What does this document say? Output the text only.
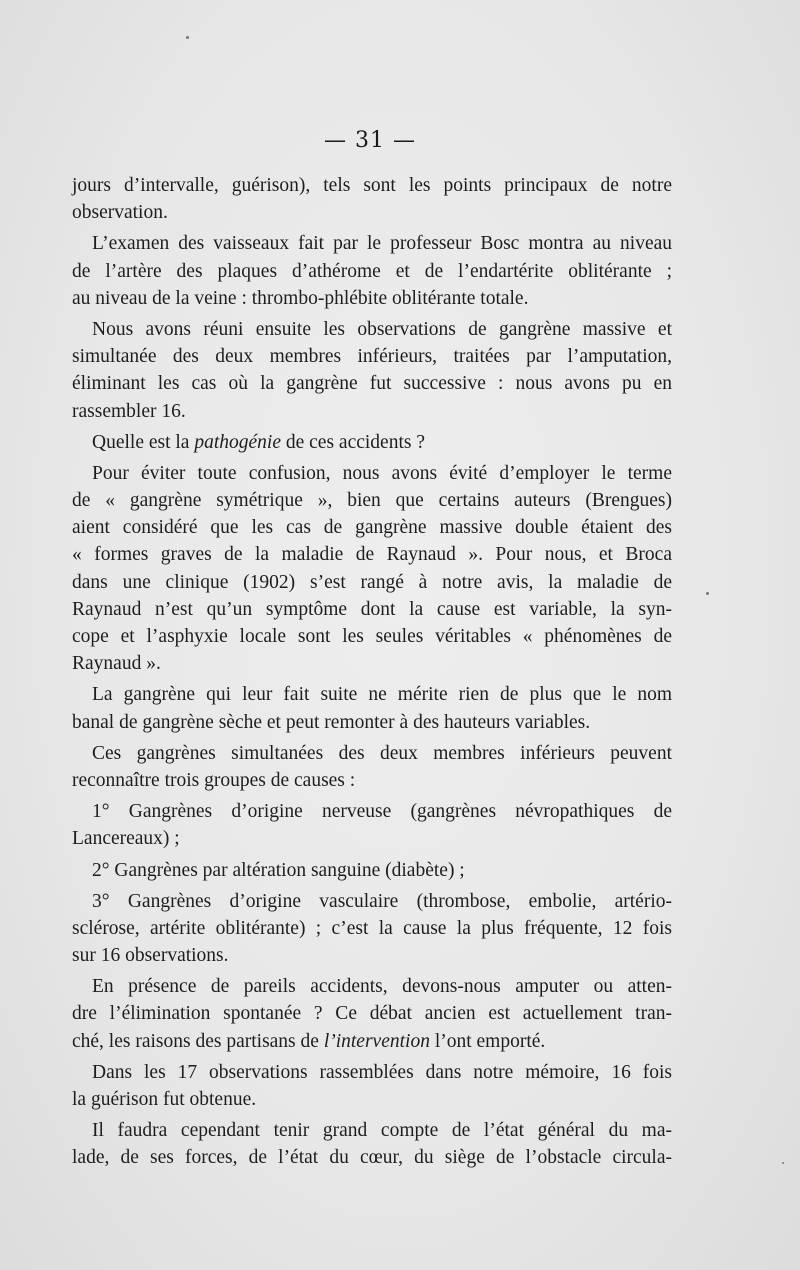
— 31 —
jours d’intervalle, guérison), tels sont les points principaux de notre
observation.
L’examen des vaisseaux fait par le professeur Bosc montra au niveau
de l’artère des plaques d’athérome et de l’endartérite oblitérante ;
au niveau de la veine : thrombo-phlébite oblitérante totale.
Nous avons réuni ensuite les observations de gangrène massive et
simultanée des deux membres inférieurs, traitées par l’amputation,
éliminant les cas où la gangrène fut successive : nous avons pu en
rassembler 16.
Quelle est la pathogénie de ces accidents ?
Pour éviter toute confusion, nous avons évité d’employer le terme
de « gangrène symétrique », bien que certains auteurs (Brengues)
aient considéré que les cas de gangrène massive double étaient des
« formes graves de la maladie de Raynaud ». Pour nous, et Broca
dans une clinique (1902) s’est rangé à notre avis, la maladie de
Raynaud n’est qu’un symptôme dont la cause est variable, la syn-
cope et l’asphyxie locale sont les seules véritables « phénomènes de
Raynaud ».
La gangrène qui leur fait suite ne mérite rien de plus que le nom
banal de gangrène sèche et peut remonter à des hauteurs variables.
Ces gangrènes simultanées des deux membres inférieurs peuvent
reconnaître trois groupes de causes :
1° Gangrènes d’origine nerveuse (gangrènes névropathiques de
Lancereaux) ;
2° Gangrènes par altération sanguine (diabète) ;
3° Gangrènes d’origine vasculaire (thrombose, embolie, artério-
sclérose, artérite oblitérante) ; c’est la cause la plus fréquente, 12 fois
sur 16 observations.
En présence de pareils accidents, devons-nous amputer ou atten-
dre l’élimination spontanée ? Ce débat ancien est actuellement tran-
ché, les raisons des partisans de l’intervention l’ont emporté.
Dans les 17 observations rassemblées dans notre mémoire, 16 fois
la guérison fut obtenue.
Il faudra cependant tenir grand compte de l’état général du ma-
lade, de ses forces, de l’état du cœur, du siège de l’obstacle circula-
